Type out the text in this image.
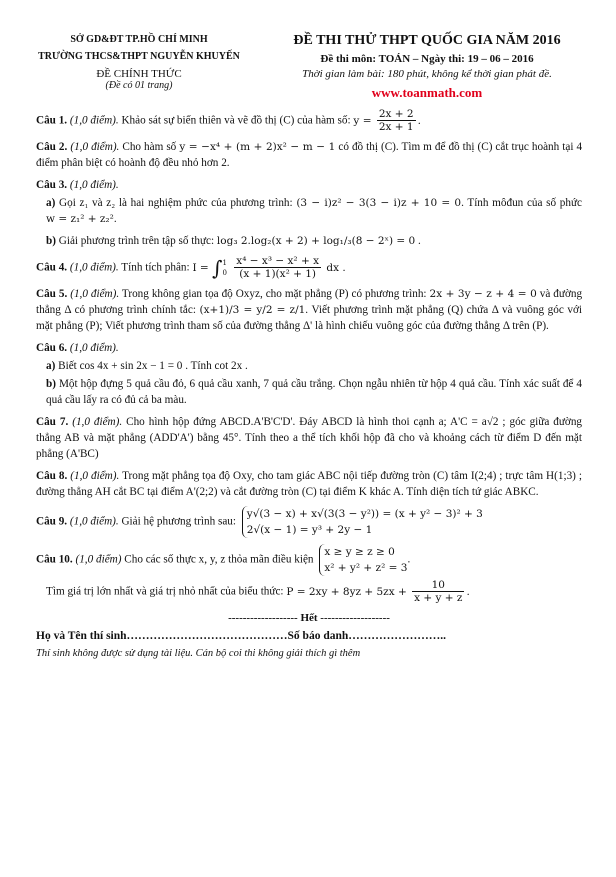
SỞ GD&ĐT TP.HỒ CHÍ MINH
TRƯỜNG THCS&THPT NGUYỄN KHUYẾN
ĐỀ CHÍNH THỨC
(Đề có 01 trang)
ĐỀ THI THỬ THPT QUỐC GIA NĂM 2016
Đề thi môn: TOÁN – Ngày thi: 19 – 06 – 2016
Thời gian làm bài: 180 phút, không kể thời gian phát đề.
www.toanmath.com
Câu 1. (1,0 điểm). Khảo sát sự biến thiên và vẽ đồ thị (C) của hàm số: $y = \frac{2x + 2}{2x + 1}$ .
Câu 2. (1,0 điểm). Cho hàm số y = −x⁴ + (m + 2)x² − m − 1 có đồ thị (C). Tìm m để đồ thị (C) cắt trục hoành tại 4 điểm phân biệt có hoành độ đều nhỏ hơn 2.
Câu 3. (1,0 điểm).
a) Gọi z₁ và z₂ là hai nghiệm phức của phương trình: (3 − i)z² − 3(3 − i)z + 10 = 0. Tính môđun của số phức w = z₁² + z₂².
b) Giải phương trình trên tập số thực: log₃ 2.log₂(x + 2) + log₁/₃(8 − 2ˣ) = 0 .
Câu 4. (1,0 điểm). Tính tích phân: I = ∫ 1
0
$\frac{\text{x⁴ − x³ − x² + x}}{\text{(x + 1)(x² + 1)}}$ dx .
Câu 5. (1,0 điểm). Trong không gian tọa độ Oxyz, cho mặt phẳng (P) có phương trình: 2x + 3y − z + 4 = 0 và đường thẳng Δ có phương trình chính tắc: (x+1)/3 = y/2 = z/1. Viết phương trình mặt phẳng (Q) chứa Δ và vuông góc với mặt phẳng (P); Viết phương trình tham số của đường thẳng Δ' là hình chiếu vuông góc của đường thẳng Δ trên (P).
Câu 6. (1,0 điểm).
a) Biết cos 4x + sin 2x − 1 = 0 . Tính cot 2x .
b) Một hộp đựng 5 quả cầu đỏ, 6 quả cầu xanh, 7 quả cầu trắng. Chọn ngẫu nhiên từ hộp 4 quả cầu. Tính xác suất để 4 quả cầu lấy ra có đủ cả ba màu.
Câu 7. (1,0 điểm). Cho hình hộp đứng ABCD.A'B'C'D'. Đáy ABCD là hình thoi cạnh a; A'C = a√2 ; góc giữa đường thẳng AB và mặt phẳng (ADD'A') bằng 45°. Tính theo a thể tích khối hộp đã cho và khoảng cách từ điểm D đến mặt phẳng (A'BC)
Câu 8. (1,0 điểm). Trong mặt phẳng tọa độ Oxy, cho tam giác ABC nội tiếp đường tròn (C) tâm I(2;4) ; trực tâm H(1;3) ; đường thẳng AH cắt BC tại điểm A'(2;2) và cắt đường tròn (C) tại điểm K khác A. Tính diện tích tứ giác ABKC.
Câu 9. (1,0 điểm). Giải hệ phương trình sau:
y√(3 − x) + x√(3(3 − y²)) = (x + y² − 3)² + 3
2√(x − 1) = y³ + 2y − 1
Câu 10. (1,0 điểm) Cho các số thực x, y, z thỏa mãn điều kiện
x ≥ y ≥ z ≥ 0
x² + y² + z² = 3
.
Tìm giá trị lớn nhất và giá trị nhỏ nhất của biểu thức: $P = 2xy + 8yz + 5zx + \frac{10}{x + y + z}$ .
------------------- Hết -------------------
Họ và Tên thí sinh……………………………………Số báo danh……………………..
Thí sinh không được sử dụng tài liệu. Cán bộ coi thi không giải thích gì thêm
